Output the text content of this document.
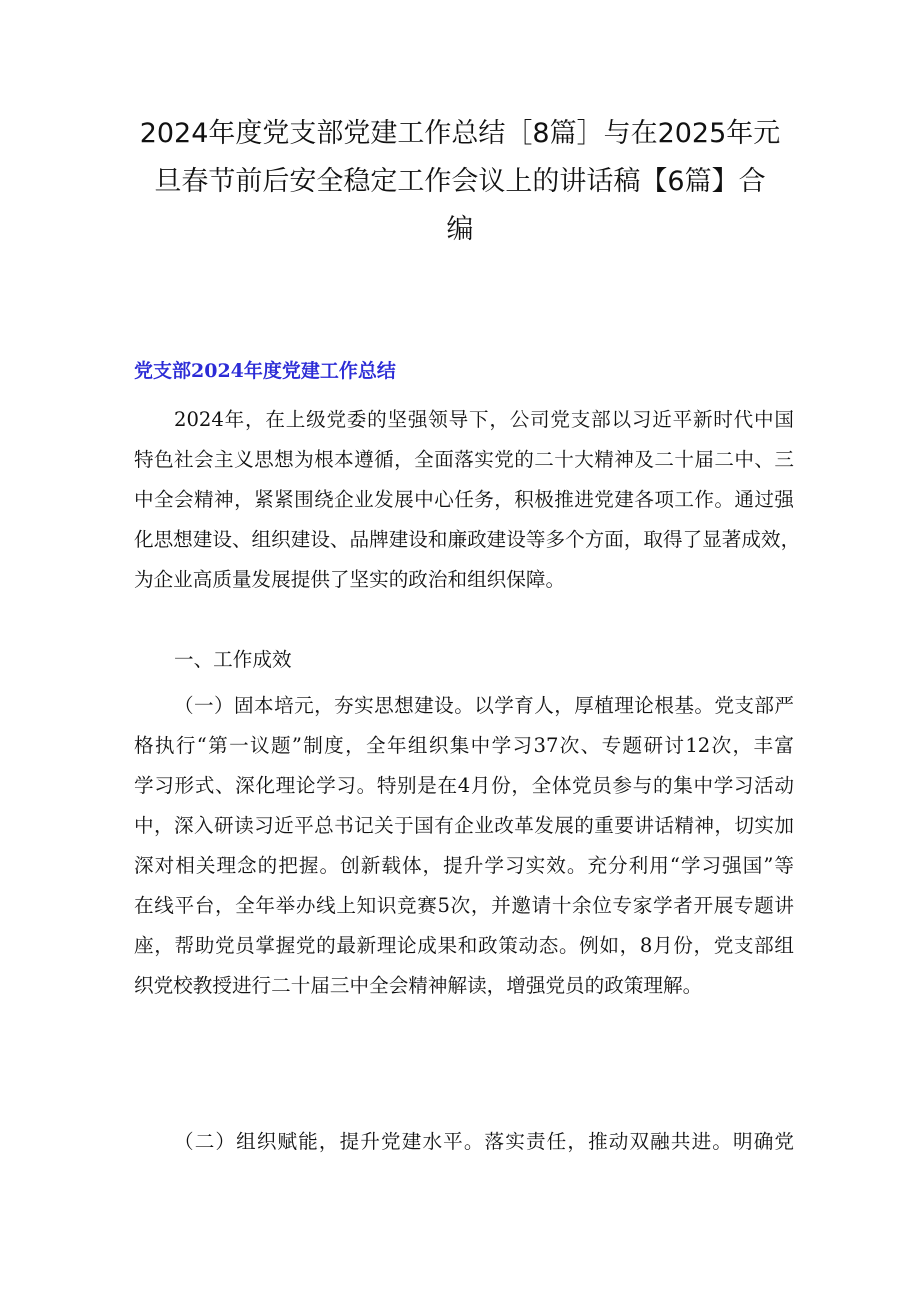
2024年度党支部党建工作总结［8篇］与在2025年元
旦春节前后安全稳定工作会议上的讲话稿【6篇】合
编
党支部2024年度党建工作总结
2024年，在上级党委的坚强领导下，公司党支部以习近平新时代中国
特色社会主义思想为根本遵循，全面落实党的二十大精神及二十届二中、三
中全会精神，紧紧围绕企业发展中心任务，积极推进党建各项工作。通过强
化思想建设、组织建设、品牌建设和廉政建设等多个方面，取得了显著成效，
为企业高质量发展提供了坚实的政治和组织保障。
一、工作成效
（一）固本培元，夯实思想建设。以学育人，厚植理论根基。党支部严
格执行“第一议题”制度，全年组织集中学习37次、专题研讨12次，丰富
学习形式、深化理论学习。特别是在4月份，全体党员参与的集中学习活动
中，深入研读习近平总书记关于国有企业改革发展的重要讲话精神，切实加
深对相关理念的把握。创新载体，提升学习实效。充分利用“学习强国”等
在线平台，全年举办线上知识竞赛5次，并邀请十余位专家学者开展专题讲
座，帮助党员掌握党的最新理论成果和政策动态。例如，8月份，党支部组
织党校教授进行二十届三中全会精神解读，增强党员的政策理解。
（二）组织赋能，提升党建水平。落实责任，推动双融共进。明确党
